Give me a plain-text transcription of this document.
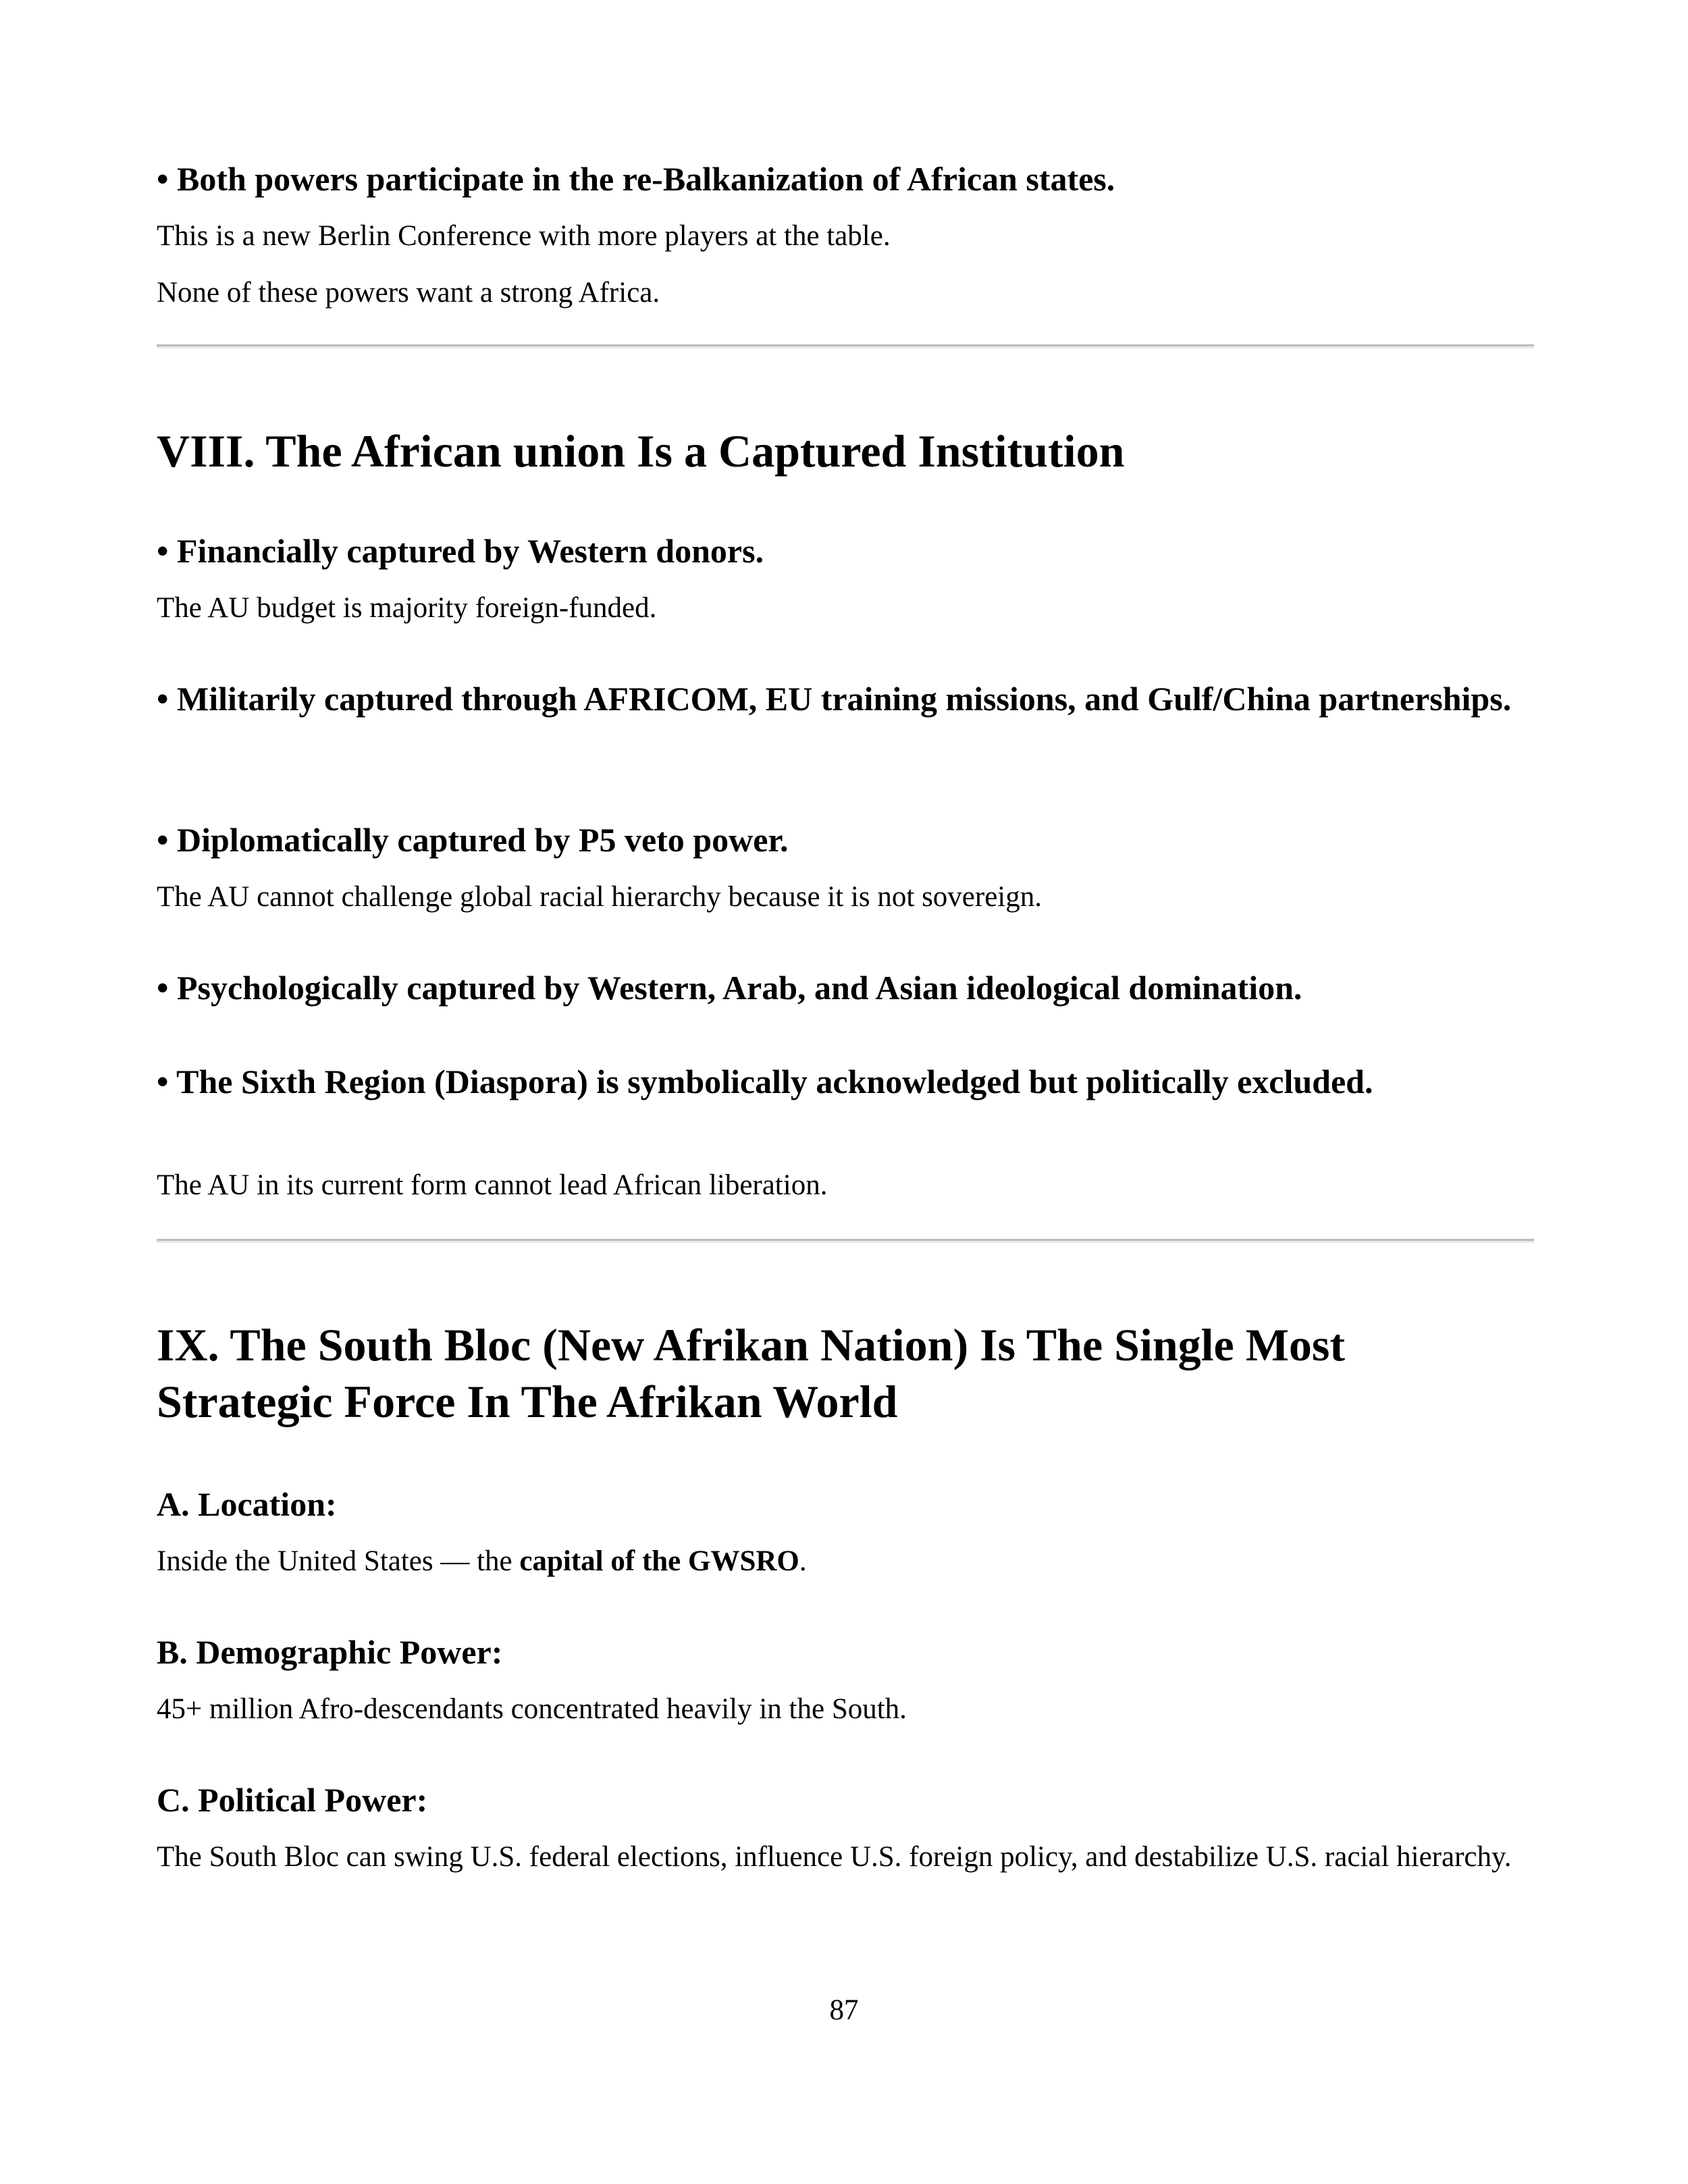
• Both powers participate in the re-Balkanization of African states.

This is a new Berlin Conference with more players at the table.

None of these powers want a strong Africa.

VIII. The African union Is a Captured Institution

• Financially captured by Western donors.

The AU budget is majority foreign-funded.

• Militarily captured through AFRICOM, EU training missions, and Gulf/China partnerships.

• Diplomatically captured by P5 veto power.

The AU cannot challenge global racial hierarchy because it is not sovereign.

• Psychologically captured by Western, Arab, and Asian ideological domination.

• The Sixth Region (Diaspora) is symbolically acknowledged but politically excluded.

The AU in its current form cannot lead African liberation.

IX. The South Bloc (New Afrikan Nation) Is The Single Most Strategic Force In The Afrikan World
A. Location:

Inside the United States — the capital of the GWSRO.

B. Demographic Power:

45+ million Afro-descendants concentrated heavily in the South.

C. Political Power:

The South Bloc can swing U.S. federal elections, influence U.S. foreign policy, and destabilize U.S. racial hierarchy.

87
